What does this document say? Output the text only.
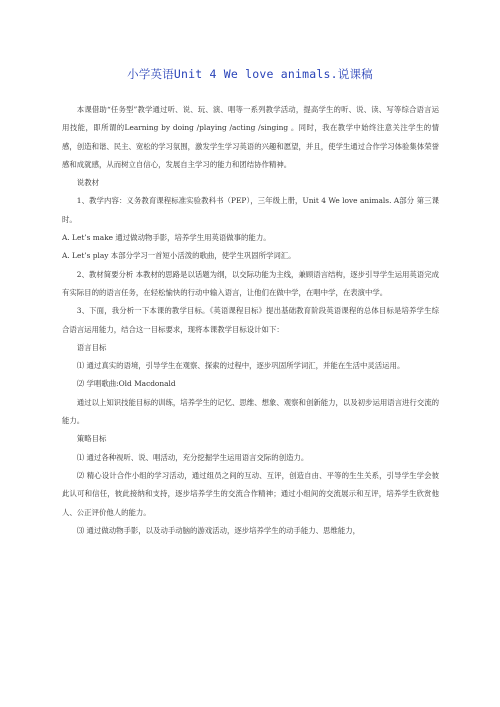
小学英语Unit 4 We love animals.说课稿

本课借助“任务型”教学通过听、说、玩、演、唱等一系列教学活动，提高学生的听、说、读、写等综合语言运用技能，即所谓的Learning by doing /playing /acting /singing 。同时，我在教学中始终注意关注学生的情感，创造和谐、民主、宽松的学习氛围，激发学生学习英语的兴趣和愿望，并且，使学生通过合作学习体验集体荣誉感和成就感，从而树立自信心，发展自主学习的能力和团结协作精神。

说教材

1、教学内容：义务教育课程标准实验教科书（PEP），三年级上册，Unit 4 We love animals. A部分 第三课时。

A. Let’s make 通过做动物手影，培养学生用英语做事的能力。

A. Let’s play 本部分学习一首短小活泼的歌曲，使学生巩固所学词汇。

2、教材简要分析 本教材的思路是以话题为纲，以交际功能为主线，兼顾语言结构，逐步引导学生运用英语完成有实际目的的语言任务，在轻松愉快的行动中输入语言，让他们在做中学，在唱中学，在表演中学。

3、下面，我分析一下本课的教学目标。《英语课程目标》提出基础教育阶段英语课程的总体目标是培养学生综合语言运用能力，结合这一目标要求，现将本课教学目标设计如下：

语言目标

⑴ 通过真实的语境，引导学生在观察、探索的过程中，逐步巩固所学词汇，并能在生活中灵活运用。

⑵ 学唱歌曲:Old Macdonald

通过以上知识技能目标的训练，培养学生的记忆、思维、想象、观察和创新能力，以及初步运用语言进行交流的能力。

策略目标

⑴ 通过各种视听、说、唱活动，充分挖掘学生运用语言交际的创造力。

⑵ 精心设计合作小组的学习活动，通过组员之间的互动、互评，创造自由、平等的生生关系，引导学生学会彼此认可和信任，彼此接纳和支持，逐步培养学生的交流合作精神；通过小组间的交流展示和互评，培养学生欣赏他人、公正评价他人的能力。

⑶ 通过做动物手影，以及动手动脑的游戏活动，逐步培养学生的动手能力、思维能力，
